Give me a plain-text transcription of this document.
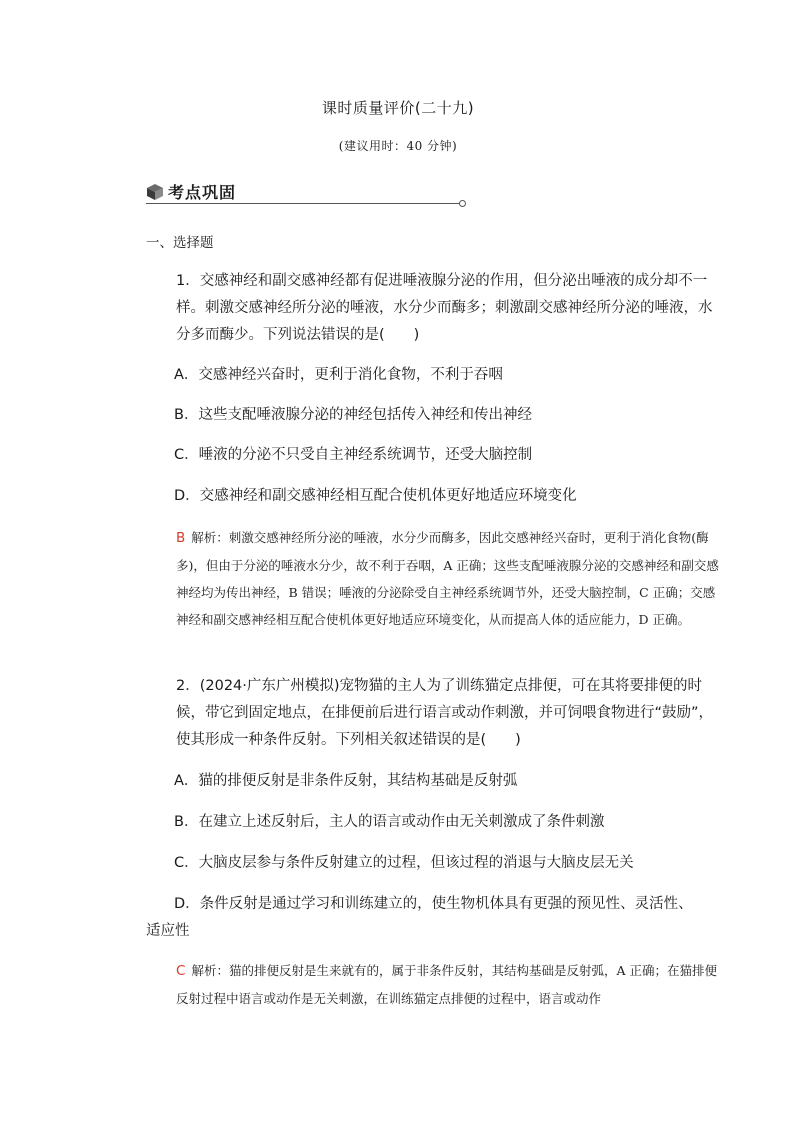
课时质量评价(二十九)
(建议用时：40 分钟)
考点巩固
一、选择题
1．交感神经和副交感神经都有促进唾液腺分泌的作用，但分泌出唾液的成分却不一样。刺激交感神经所分泌的唾液，水分少而酶多；刺激副交感神经所分泌的唾液，水分多而酶少。下列说法错误的是(　　)
A．交感神经兴奋时，更利于消化食物，不利于吞咽
B．这些支配唾液腺分泌的神经包括传入神经和传出神经
C．唾液的分泌不只受自主神经系统调节，还受大脑控制
D．交感神经和副交感神经相互配合使机体更好地适应环境变化
B 解析：刺激交感神经所分泌的唾液，水分少而酶多，因此交感神经兴奋时，更利于消化食物(酶多)，但由于分泌的唾液水分少，故不利于吞咽，A 正确；这些支配唾液腺分泌的交感神经和副交感神经均为传出神经，B 错误；唾液的分泌除受自主神经系统调节外，还受大脑控制，C 正确；交感神经和副交感神经相互配合使机体更好地适应环境变化，从而提高人体的适应能力，D 正确。
2．(2024·广东广州模拟)宠物猫的主人为了训练猫定点排便，可在其将要排便的时候，带它到固定地点，在排便前后进行语言或动作刺激，并可饲喂食物进行“鼓励”，使其形成一种条件反射。下列相关叙述错误的是(　　)
A．猫的排便反射是非条件反射，其结构基础是反射弧
B．在建立上述反射后，主人的语言或动作由无关刺激成了条件刺激
C．大脑皮层参与条件反射建立的过程，但该过程的消退与大脑皮层无关
D．条件反射是通过学习和训练建立的，使生物机体具有更强的预见性、灵活性、适应性
C 解析：猫的排便反射是生来就有的，属于非条件反射，其结构基础是反射弧，A 正确；在猫排便反射过程中语言或动作是无关刺激，在训练猫定点排便的过程中，语言或动作
